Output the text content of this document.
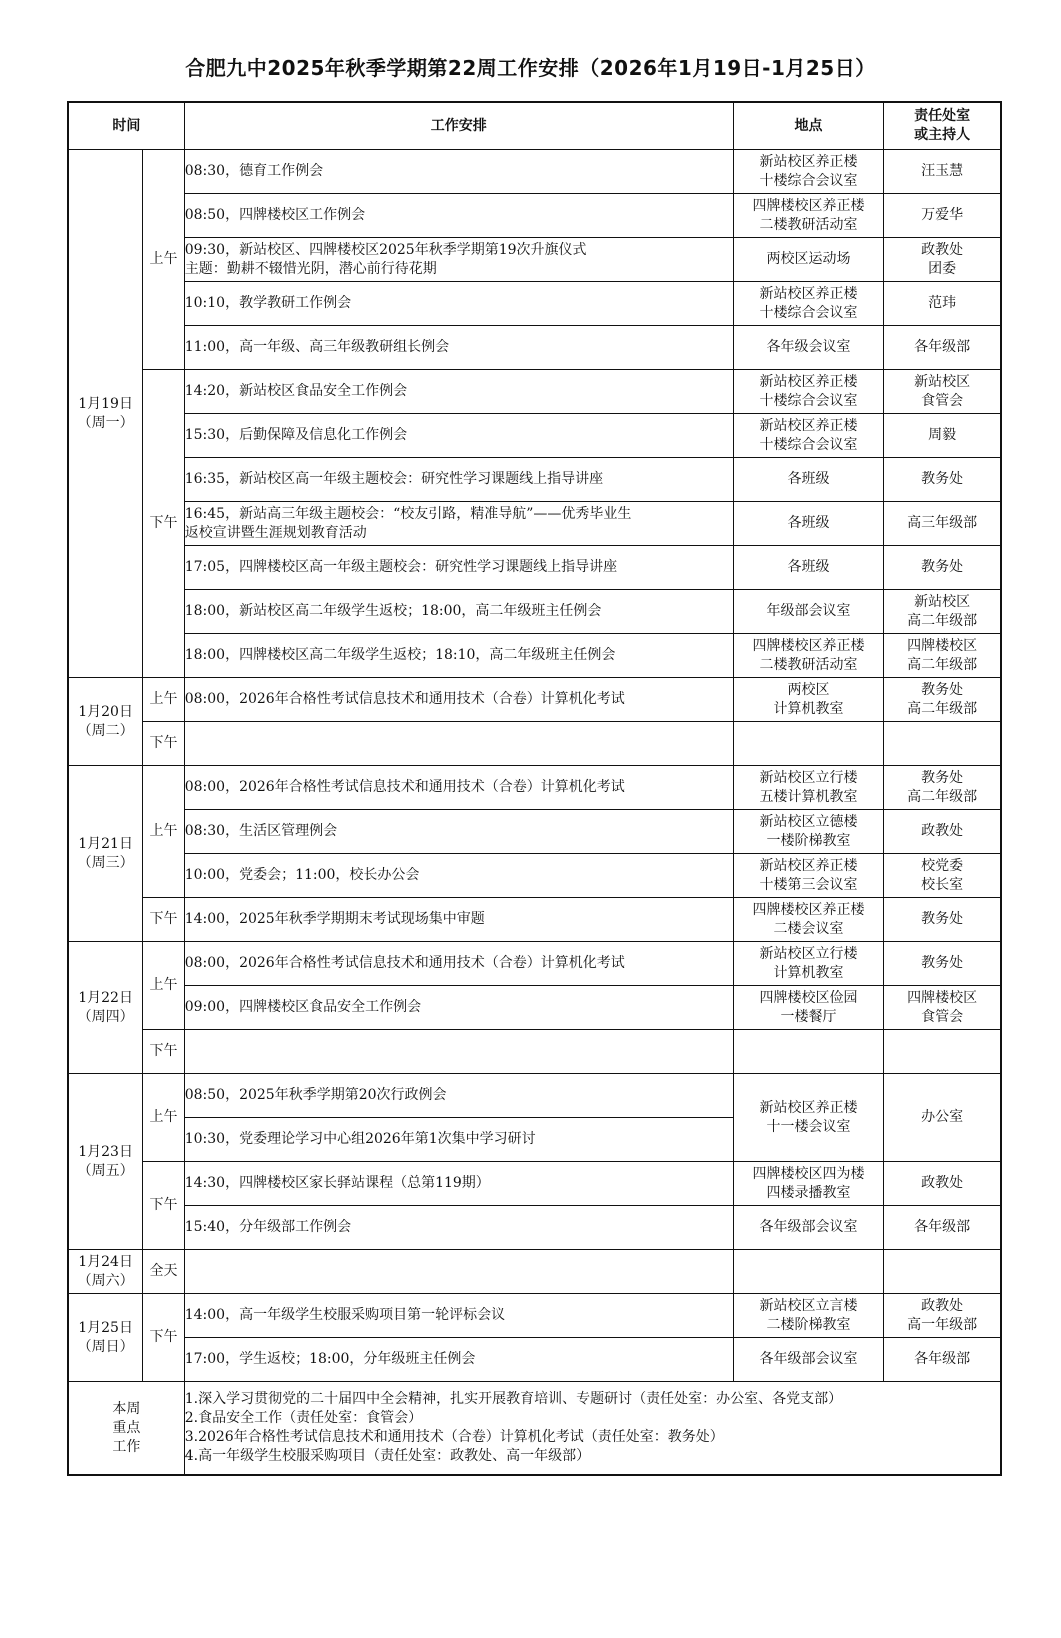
合肥九中2025年秋季学期第22周工作安排（2026年1月19日-1月25日）
时间		工作安排	地点	责任处室
或主持人

1月19日
（周一）	上午	08:30，德育工作例会	新站校区养正楼
十楼综合会议室	汪玉慧

		08:50，四牌楼校区工作例会	四牌楼校区养正楼
二楼教研活动室	万爱华

		09:30，新站校区、四牌楼校区2025年秋季学期第19次升旗仪式
主题：勤耕不辍惜光阴，潜心前行待花期	两校区运动场	政教处
团委

		10:10，教学教研工作例会	新站校区养正楼
十楼综合会议室	范玮

		11:00，高一年级、高三年级教研组长例会	各年级会议室	各年级部

	下午	14:20，新站校区食品安全工作例会	新站校区养正楼
十楼综合会议室	新站校区
食管会

		15:30，后勤保障及信息化工作例会	新站校区养正楼
十楼综合会议室	周毅

		16:35，新站校区高一年级主题校会：研究性学习课题线上指导讲座	各班级	教务处

		16:45，新站高三年级主题校会：“校友引路，精准导航”——优秀毕业生
返校宣讲暨生涯规划教育活动	各班级	高三年级部

		17:05，四牌楼校区高一年级主题校会：研究性学习课题线上指导讲座	各班级	教务处

		18:00，新站校区高二年级学生返校；18:00，高二年级班主任例会	年级部会议室	新站校区
高二年级部

		18:00，四牌楼校区高二年级学生返校；18:10，高二年级班主任例会	四牌楼校区养正楼
二楼教研活动室	四牌楼校区
高二年级部

1月20日
（周二）	上午	08:00，2026年合格性考试信息技术和通用技术（合卷）计算机化考试	两校区
计算机教室	教务处
高二年级部

	下午	

1月21日
（周三）	上午	08:00，2026年合格性考试信息技术和通用技术（合卷）计算机化考试	新站校区立行楼
五楼计算机教室	教务处
高二年级部

		08:30，生活区管理例会	新站校区立德楼
一楼阶梯教室	政教处

		10:00，党委会；11:00，校长办公会	新站校区养正楼
十楼第三会议室	校党委
校长室

	下午	14:00，2025年秋季学期期末考试现场集中审题	四牌楼校区养正楼
二楼会议室	教务处

1月22日
（周四）	上午	08:00，2026年合格性考试信息技术和通用技术（合卷）计算机化考试	新站校区立行楼
计算机教室	教务处

		09:00，四牌楼校区食品安全工作例会	四牌楼校区俭园
一楼餐厅	四牌楼校区
食管会

	下午	

1月23日
（周五）	上午	08:50，2025年秋季学期第20次行政例会	新站校区养正楼
十一楼会议室	办公室

		10:30，党委理论学习中心组2026年第1次集中学习研讨		

	下午	14:30，四牌楼校区家长驿站课程（总第119期）	四牌楼校区四为楼
四楼录播教室	政教处

		15:40，分年级部工作例会	各年级部会议室	各年级部

1月24日
（周六）	全天	

1月25日
（周日）	下午	14:00，高一年级学生校服采购项目第一轮评标会议	新站校区立言楼
二楼阶梯教室	政教处
高一年级部

		17:00，学生返校；18:00，分年级班主任例会	各年级部会议室	各年级部

本周
重点
工作		1.深入学习贯彻党的二十届四中全会精神，扎实开展教育培训、专题研讨（责任处室：办公室、各党支部）
2.食品安全工作（责任处室：食管会）
3.2026年合格性考试信息技术和通用技术（合卷）计算机化考试（责任处室：教务处）
4.高一年级学生校服采购项目（责任处室：政教处、高一年级部）		
